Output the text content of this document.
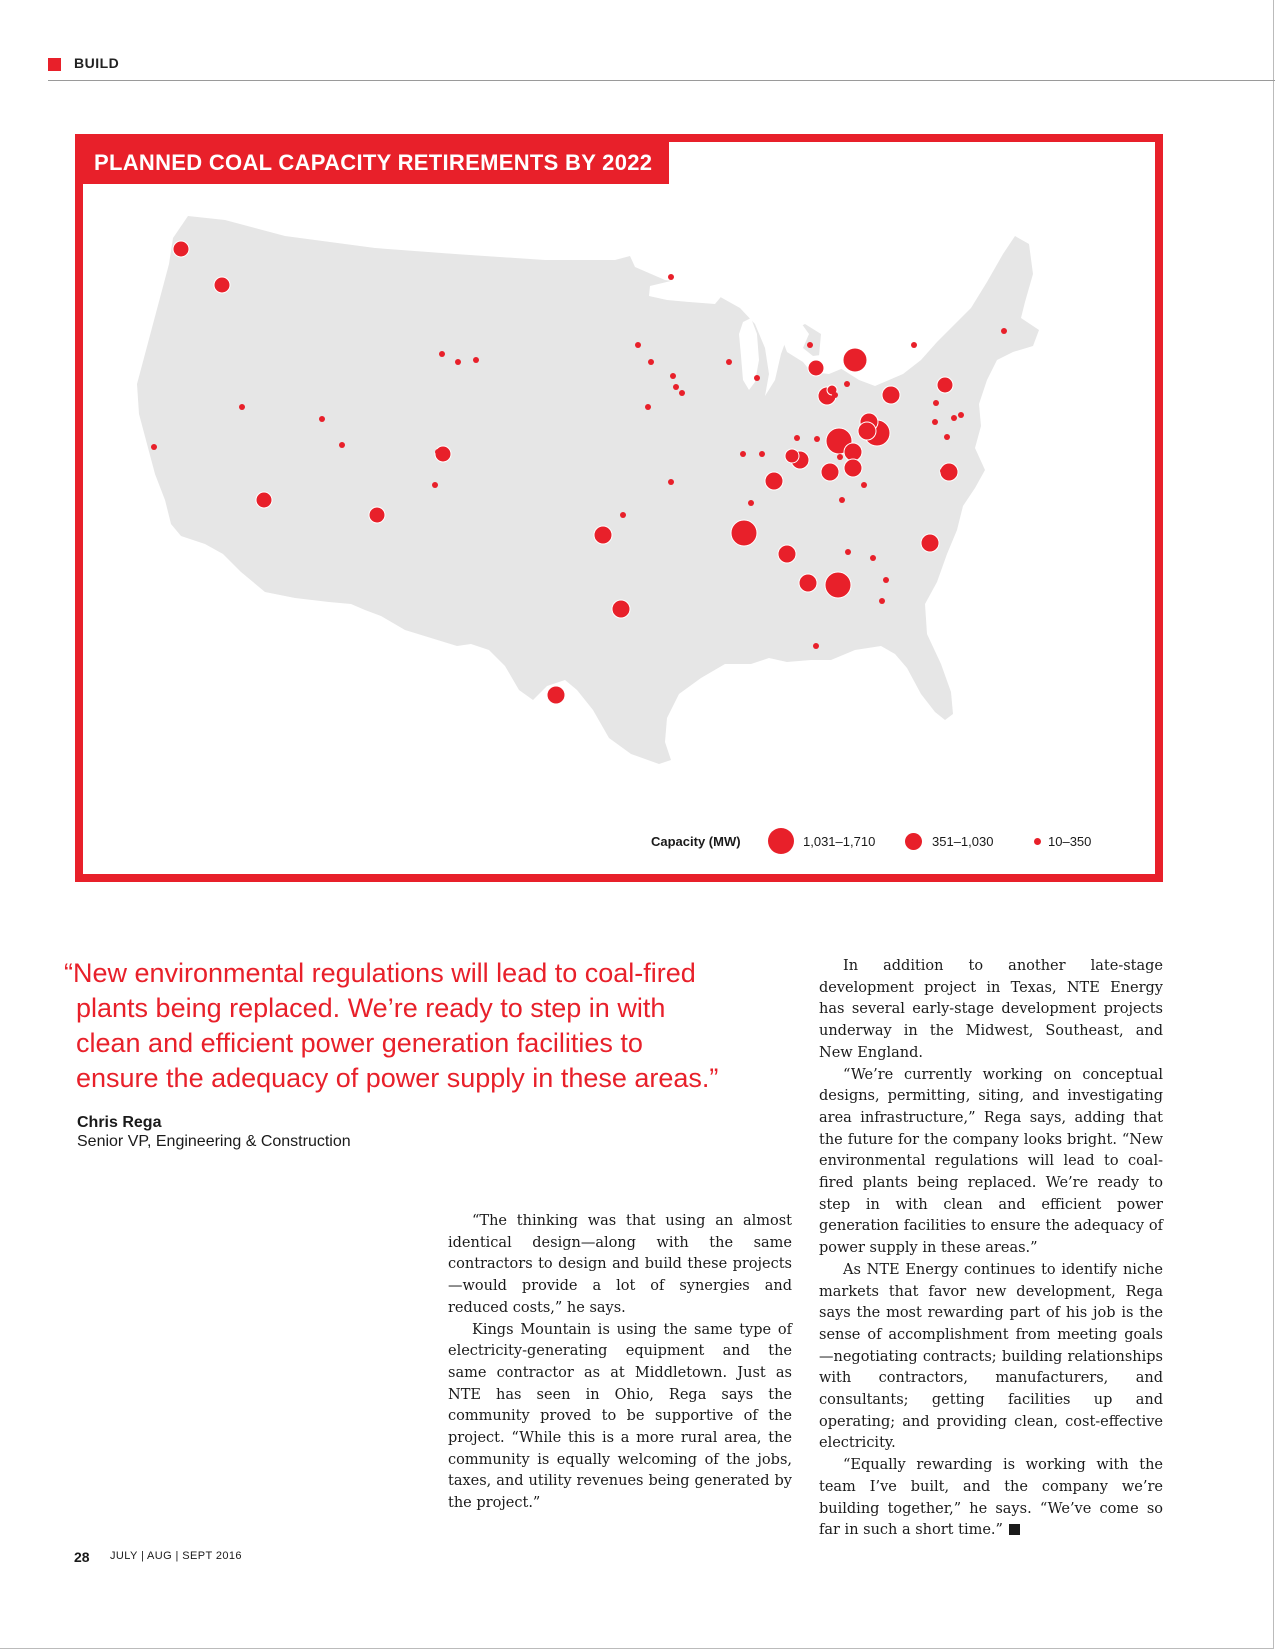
BUILD
PLANNED COAL CAPACITY RETIREMENTS BY 2022
Capacity (MW)	1,031–1,710	351–1,030	10–350
“New environmental regulations will lead to coal-fired
plants being replaced. We’re ready to step in with
clean and efficient power generation facilities to
ensure the adequacy of power supply in these areas.”
Chris Rega
Senior VP, Engineering & Construction

“The thinking was that using an almost identical design—along with the same contractors to design and build these projects—would provide a lot of synergies and reduced costs,” he says.

Kings Mountain is using the same type of electricity-generating equipment and the same contractor as at Middletown. Just as NTE has seen in Ohio, Rega says the community proved to be supportive of the project. “While this is a more rural area, the community is equally welcoming of the jobs, taxes, and utility revenues being generated by the project.”

In addition to another late-stage development project in Texas, NTE Energy has several early-stage development projects underway in the Midwest, Southeast, and New England.

“We’re currently working on conceptual designs, permitting, siting, and investigating area infrastructure,” Rega says, adding that the future for the company looks bright. “New environmental regulations will lead to coal-fired plants being replaced. We’re ready to step in with clean and efficient power generation facilities to ensure the adequacy of power supply in these areas.”

As NTE Energy continues to identify niche markets that favor new development, Rega says the most rewarding part of his job is the sense of accomplishment from meeting goals—negotiating contracts; building relationships with contractors, manufacturers, and consultants; getting facilities up and operating; and providing clean, cost-effective electricity.

“Equally rewarding is working with the team I’ve built, and the company we’re building together,” he says. “We’ve come so far in such a short time.”

28 JULY | AUG | SEPT 2016
